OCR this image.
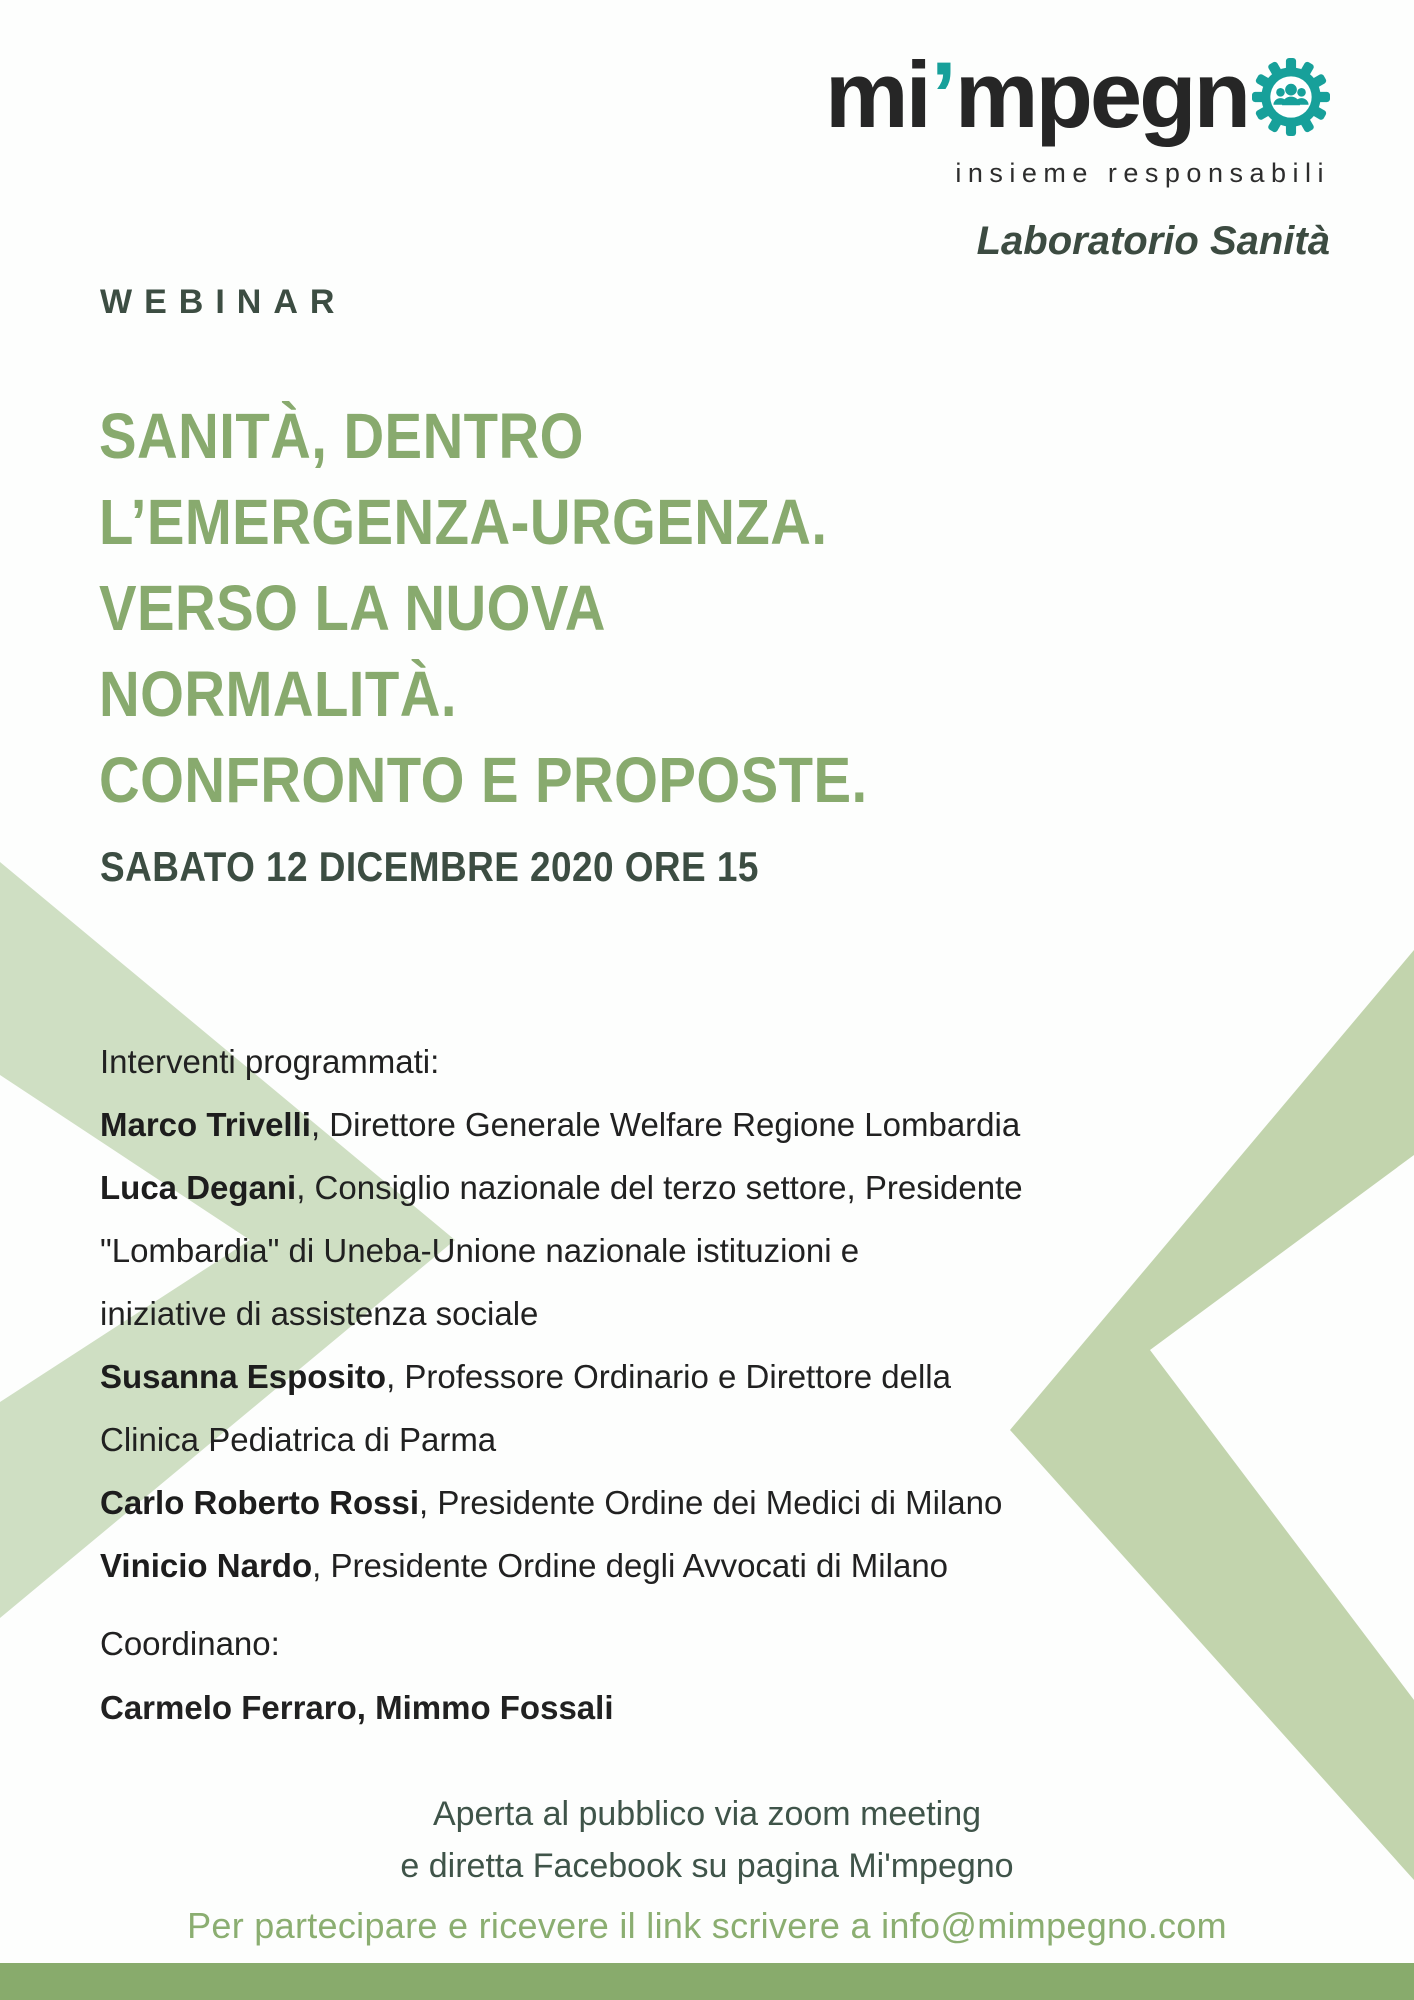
mi ’ mpegn
insieme responsabili
Laboratorio Sanità
WEBINAR
SANITÀ, DENTRO
L’EMERGENZA-URGENZA.
VERSO LA NUOVA
NORMALITÀ.
CONFRONTO E PROPOSTE.
SABATO 12 DICEMBRE 2020 ORE 15
Interventi programmati:
Marco Trivelli, Direttore Generale Welfare Regione Lombardia
Luca Degani, Consiglio nazionale del terzo settore, Presidente
"Lombardia" di Uneba-Unione nazionale istituzioni e
iniziative di assistenza sociale
Susanna Esposito, Professore Ordinario e Direttore della
Clinica Pediatrica di Parma
Carlo Roberto Rossi, Presidente Ordine dei Medici di Milano
Vinicio Nardo, Presidente Ordine degli Avvocati di Milano
Coordinano:
Carmelo Ferraro, Mimmo Fossali
Aperta al pubblico via zoom meeting
e diretta Facebook su pagina Mi'mpegno
Per partecipare e ricevere il link scrivere a info@mimpegno.com
